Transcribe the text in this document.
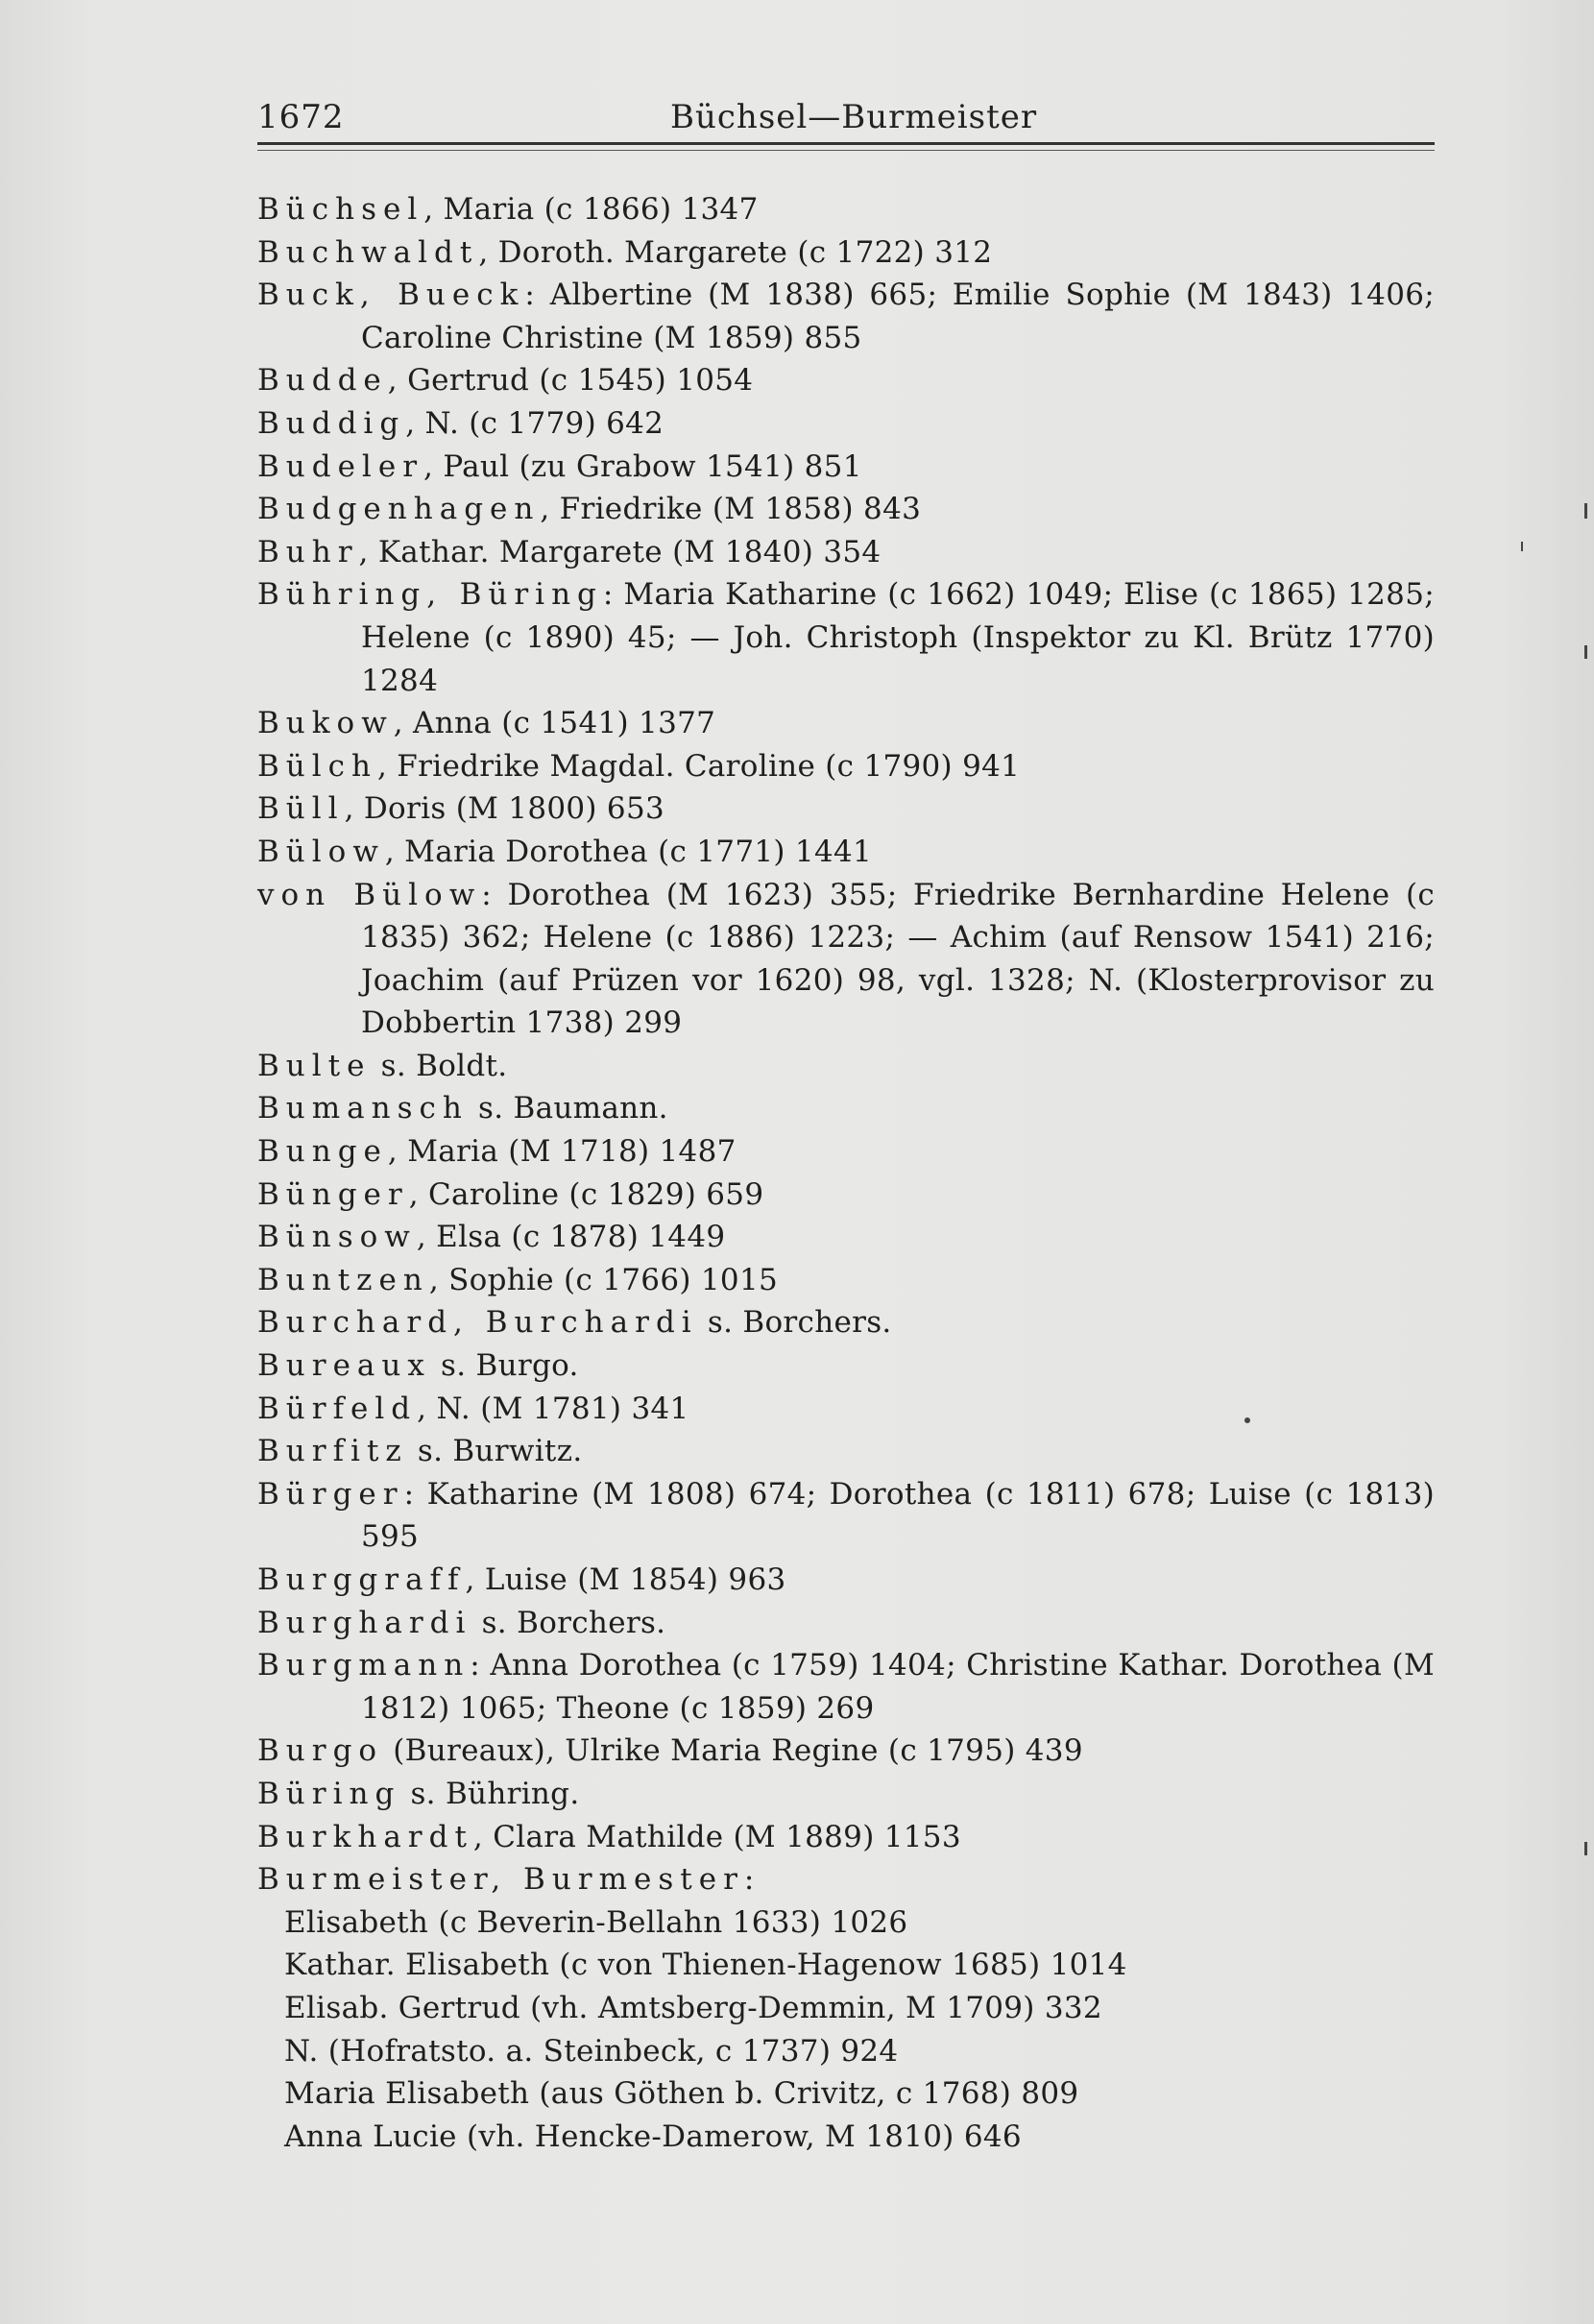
1672	Büchsel—Burmeister
Büchsel, Maria (c 1866) 1347
Buchwaldt, Doroth. Margarete (c 1722) 312
Buck, Bueck: Albertine (M 1838) 665; Emilie Sophie (M 1843) 1406; Caroline Christine (M 1859) 855
Budde, Gertrud (c 1545) 1054
Buddig, N. (c 1779) 642
Budeler, Paul (zu Grabow 1541) 851
Budgenhagen, Friedrike (M 1858) 843
Buhr, Kathar. Margarete (M 1840) 354
Bühring, Büring: Maria Katharine (c 1662) 1049; Elise (c 1865) 1285; Helene (c 1890) 45; — Joh. Christoph (Inspektor zu Kl. Brütz 1770) 1284
Bukow, Anna (c 1541) 1377
Bülch, Friedrike Magdal. Caroline (c 1790) 941
Büll, Doris (M 1800) 653
Bülow, Maria Dorothea (c 1771) 1441
von Bülow: Dorothea (M 1623) 355; Friedrike Bernhardine Helene (c 1835) 362; Helene (c 1886) 1223; — Achim (auf Rensow 1541) 216; Joachim (auf Prüzen vor 1620) 98, vgl. 1328; N. (Klosterprovisor zu Dobbertin 1738) 299
Bulte s. Boldt.
Bumansch s. Baumann.
Bunge, Maria (M 1718) 1487
Bünger, Caroline (c 1829) 659
Bünsow, Elsa (c 1878) 1449
Buntzen, Sophie (c 1766) 1015
Burchard, Burchardi s. Borchers.
Bureaux s. Burgo.
Bürfeld, N. (M 1781) 341
Burfitz s. Burwitz.
Bürger: Katharine (M 1808) 674; Dorothea (c 1811) 678; Luise (c 1813) 595
Burggraff, Luise (M 1854) 963
Burghardi s. Borchers.
Burgmann: Anna Dorothea (c 1759) 1404; Christine Kathar. Dorothea (M 1812) 1065; Theone (c 1859) 269
Burgo (Bureaux), Ulrike Maria Regine (c 1795) 439
Büring s. Bühring.
Burkhardt, Clara Mathilde (M 1889) 1153
Burmeister, Burmester:
Elisabeth (c Beverin-Bellahn 1633) 1026
Kathar. Elisabeth (c von Thienen-Hagenow 1685) 1014
Elisab. Gertrud (vh. Amtsberg-Demmin, M 1709) 332
N. (Hofratsto. a. Steinbeck, c 1737) 924
Maria Elisabeth (aus Göthen b. Crivitz, c 1768) 809
Anna Lucie (vh. Hencke-Damerow, M 1810) 646
